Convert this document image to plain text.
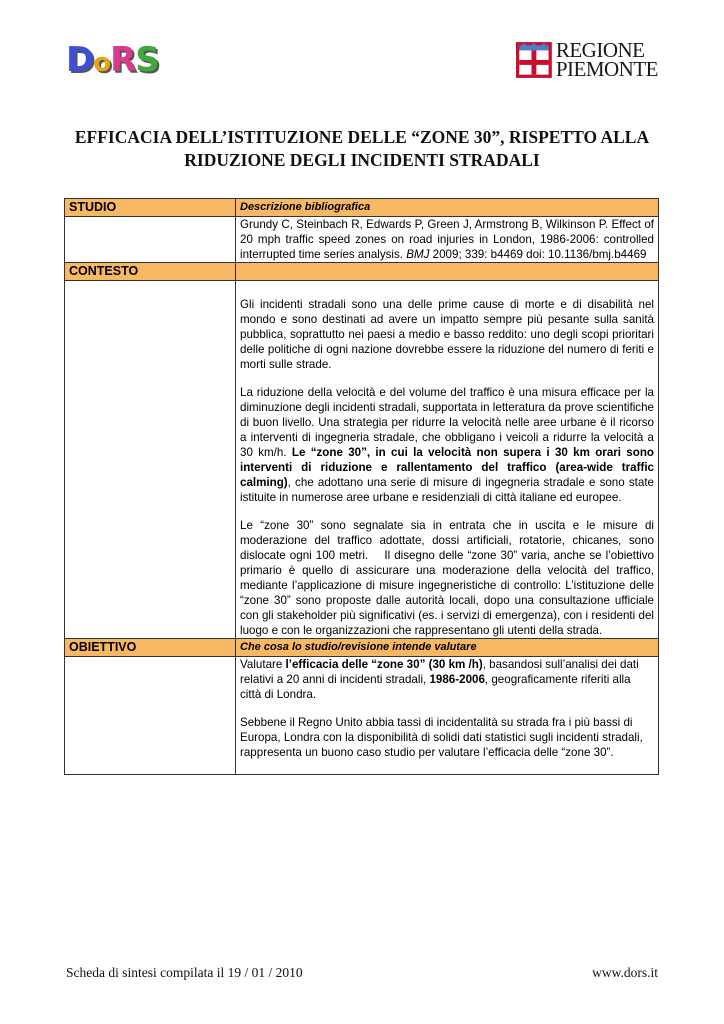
DoRS	REGIONE
PIEMONTE
EFFICACIA DELL’ISTITUZIONE DELLE “ZONE 30”, RISPETTO ALLA RIDUZIONE DEGLI INCIDENTI STRADALI
STUDIO	Descrizione bibliografica

	Grundy C, Steinbach R, Edwards P, Green J, Armstrong B, Wilkinson P. Effect of 20 mph traffic speed zones on road injuries in London, 1986-2006: controlled interrupted time series analysis. BMJ 2009; 339: b4469 doi: 10.1136/bmj.b4469

CONTESTO	

	Gli incidenti stradali sono una delle prime cause di morte e di disabilità nel mondo e sono destinati ad avere un impatto sempre più pesante sulla sanità pubblica, soprattutto nei paesi a medio e basso reddito: uno degli scopi prioritari delle politiche di ogni nazione dovrebbe essere la riduzione del numero di feriti e morti sulle strade.

La riduzione della velocità e del volume del traffico è una misura efficace per la diminuzione degli incidenti stradali, supportata in letteratura da prove scientifiche di buon livello. Una strategia per ridurre la velocità nelle aree urbane è il ricorso a interventi di ingegneria stradale, che obbligano i veicoli a ridurre la velocità a 30 km/h. Le “zone 30”, in cui la velocità non supera i 30 km orari sono interventi di riduzione e rallentamento del traffico (area-wide traffic calming), che adottano una serie di misure di ingegneria stradale e sono state istituite in numerose aree urbane e residenziali di città italiane ed europee.

Le “zone 30” sono segnalate sia in entrata che in uscita e le misure di moderazione del traffico adottate, dossi artificiali, rotatorie, chicanes, sono dislocate ogni 100 metri.    Il disegno delle “zone 30” varia, anche se l’obiettivo primario è quello di assicurare una moderazione della velocità del traffico, mediante l’applicazione di misure ingegneristiche di controllo: L’istituzione delle “zone 30” sono proposte dalle autorità locali, dopo una consultazione ufficiale con gli stakeholder più significativi (es. i servizi di emergenza), con i residenti del luogo e con le organizzazioni che rappresentano gli utenti della strada.

OBIETTIVO	Che cosa lo studio/revisione intende valutare

	Valutare l’efficacia delle “zone 30” (30 km /h), basandosi sull’analisi dei dati relativi a 20 anni di incidenti stradali, 1986-2006, geograficamente riferiti alla città di Londra.

Sebbene il Regno Unito abbia tassi di incidentalità su strada fra i più bassi di Europa, Londra con la disponibilità di solidi dati statistici sugli incidenti stradali, rappresenta un buono caso studio per valutare l’efficacia delle “zone 30”.

Scheda di sintesi compilata il 19 / 01 / 2010	www.dors.it
